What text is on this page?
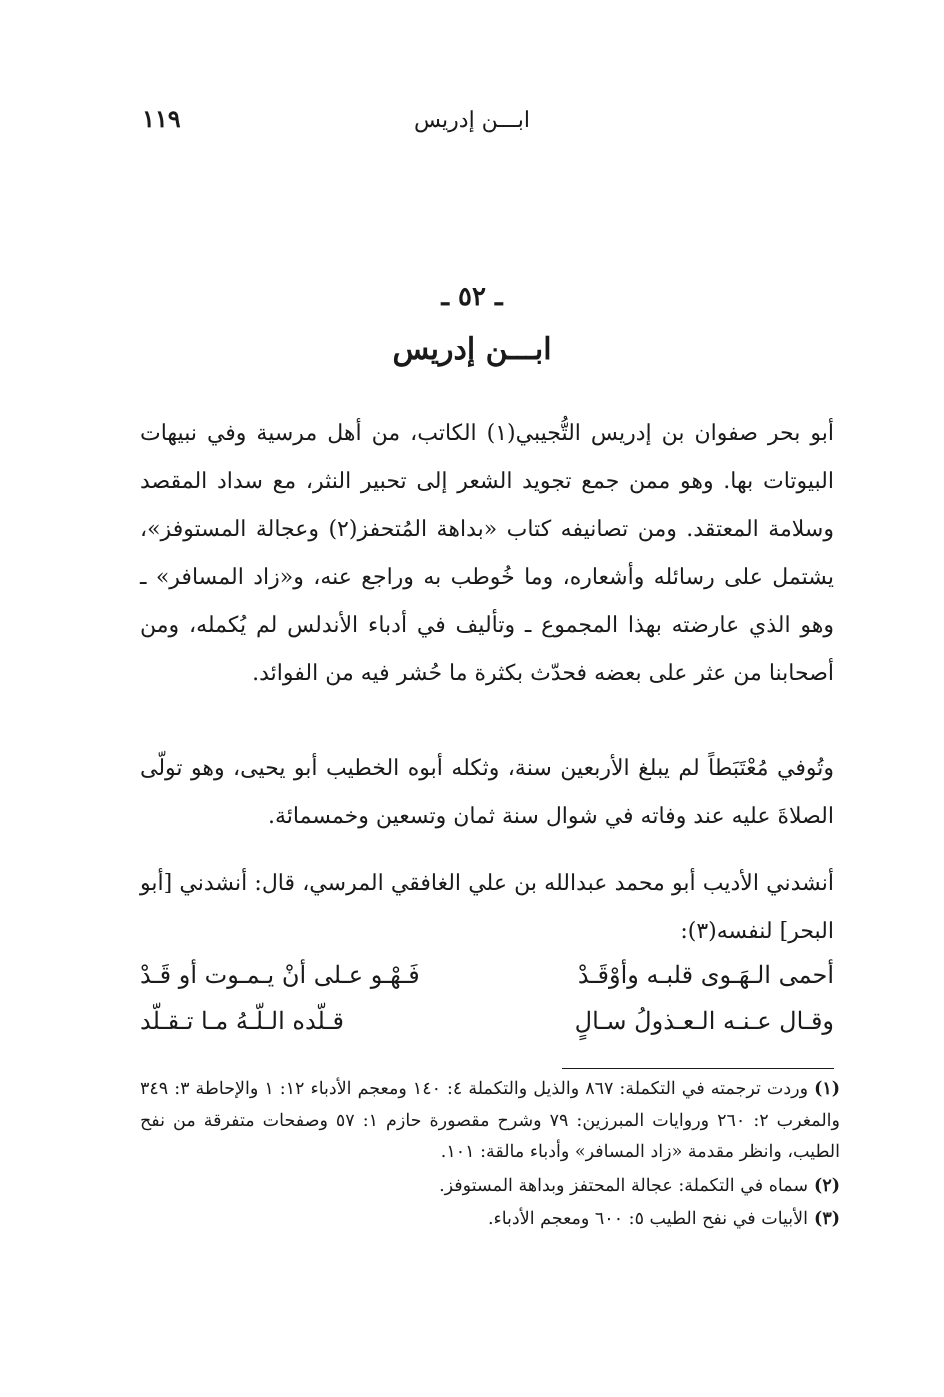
١١٩	ابـــن إدريس
ـ ٥٢ ـ
ابـــن إدريس

أبو بحر صفوان بن إدريس التُّجيبي(١) الكاتب، من أهل مرسية وفي نبيهات البيوتات بها. وهو ممن جمع تجويد الشعر إلى تحبير النثر، مع سداد المقصد وسلامة المعتقد. ومن تصانيفه كتاب «بداهة المُتحفز(٢) وعجالة المستوفز»، يشتمل على رسائله وأشعاره، وما خُوطب به وراجع عنه، و«زاد المسافر» ـ وهو الذي عارضته بهذا المجموع ـ وتأليف في أدباء الأندلس لم يُكمله، ومن أصحابنا من عثر على بعضه فحدّث بكثرة ما حُشر فيه من الفوائد.

وتُوفي مُعْتَبَطاً لم يبلغ الأربعين سنة، وثكله أبوه الخطيب أبو يحيى، وهو تولّى الصلاةَ عليه عند وفاته في شوال سنة ثمان وتسعين وخمسمائة.

أنشدني الأديب أبو محمد عبدالله بن علي الغافقي المرسي، قال: أنشدني [أبو البحر] لنفسه(٣):

أحمى الـهَـوى قلبـه وأوْقَـدْ
فَـهْـو عـلى أنْ يـمـوت أو قَـدْ
وقـال عـنـه الـعـذولُ سـالٍ
قـلّده الـلّـهُ مـا تـقـلّد

(١)وردت ترجمته في التكملة: ٨٦٧ والذيل والتكملة ٤: ١٤٠ ومعجم الأدباء ١٢: ١ والإحاطة ٣: ٣٤٩ والمغرب ٢: ٢٦٠ وروايات المبرزين: ٧٩ وشرح مقصورة حازم ١: ٥٧ وصفحات متفرقة من نفح الطيب، وانظر مقدمة «زاد المسافر» وأدباء مالقة: ١٠١.

(٢)سماه في التكملة: عجالة المحتفز وبداهة المستوفز.

(٣)الأبيات في نفح الطيب ٥: ٦٠٠ ومعجم الأدباء.
